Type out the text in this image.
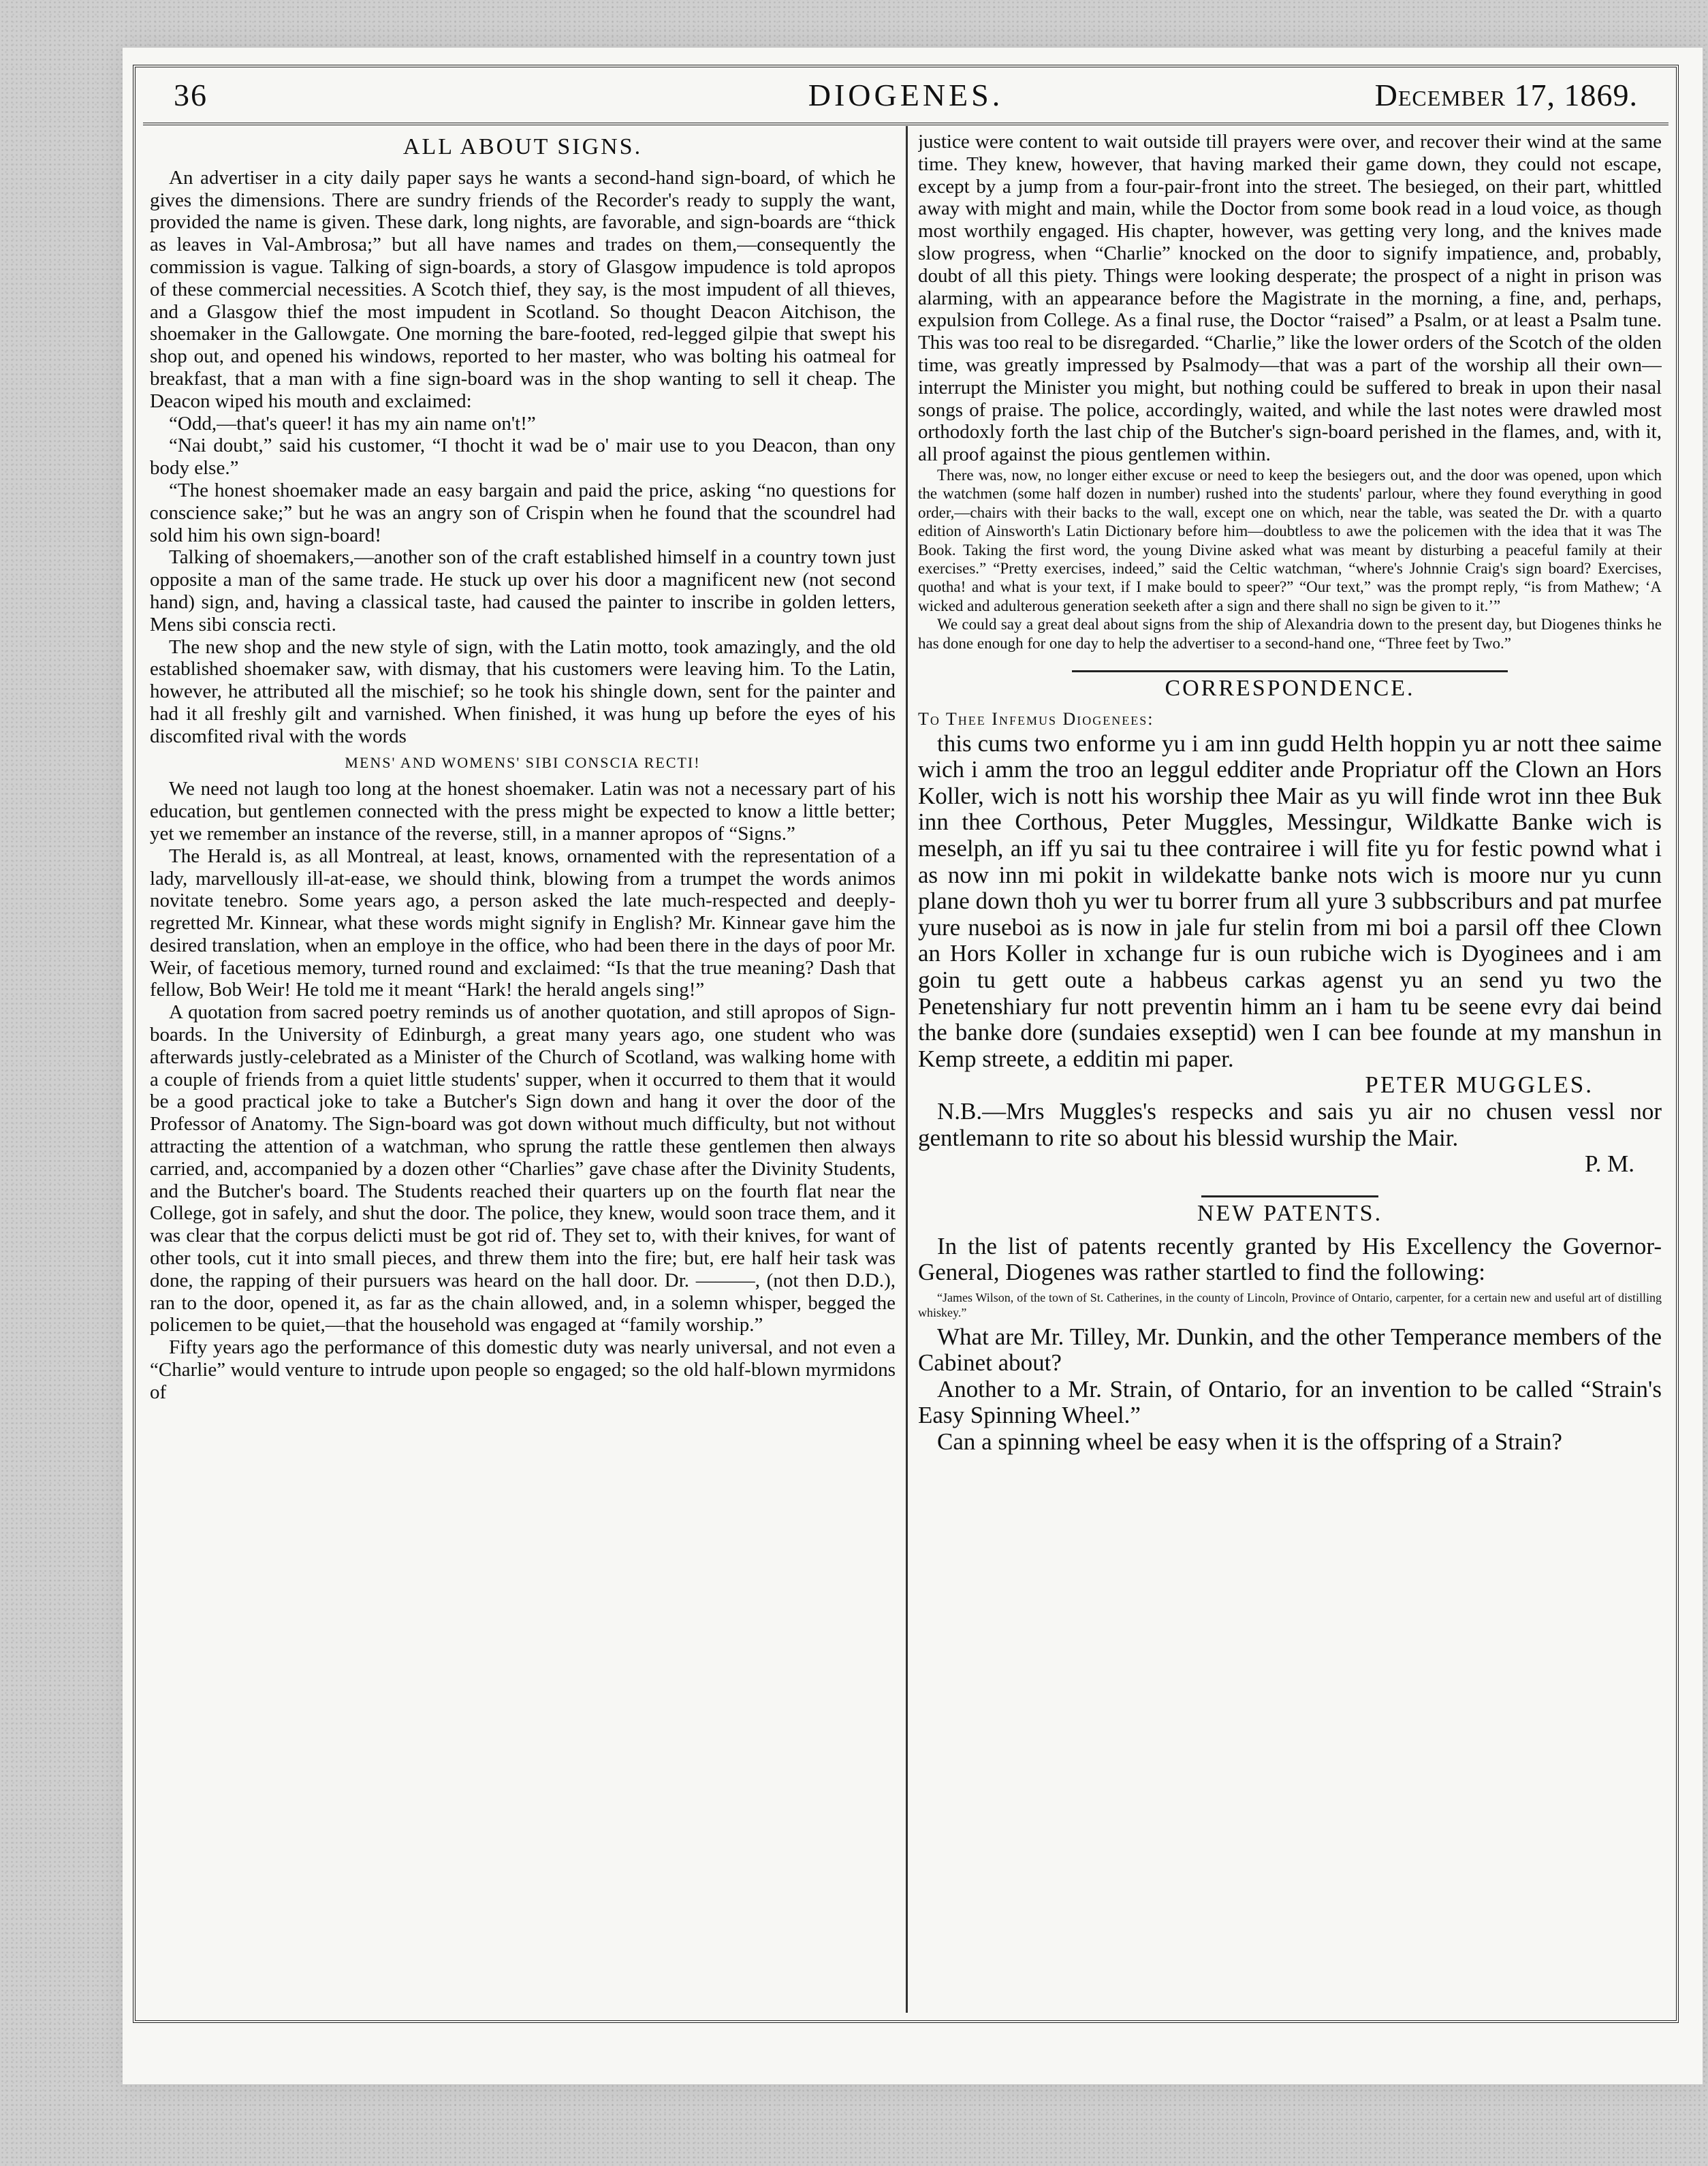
36	DIOGENES.	December 17, 1869.
ALL ABOUT SIGNS.

An advertiser in a city daily paper says he wants a second-hand sign-board, of which he gives the dimensions. There are sundry friends of the Recorder's ready to supply the want, provided the name is given. These dark, long nights, are favorable, and sign-boards are “thick as leaves in Val-Ambrosa;” but all have names and trades on them,—consequently the commission is vague. Talking of sign-boards, a story of Glasgow impudence is told apropos of these commercial necessities. A Scotch thief, they say, is the most impudent of all thieves, and a Glasgow thief the most impudent in Scotland. So thought Deacon Aitchison, the shoemaker in the Gallowgate. One morning the bare-footed, red-legged gilpie that swept his shop out, and opened his windows, reported to her master, who was bolting his oatmeal for breakfast, that a man with a fine sign-board was in the shop wanting to sell it cheap. The Deacon wiped his mouth and exclaimed:

“Odd,—that's queer! it has my ain name on't!”

“Nai doubt,” said his customer, “I thocht it wad be o' mair use to you Deacon, than ony body else.”

“The honest shoemaker made an easy bargain and paid the price, asking “no questions for conscience sake;” but he was an angry son of Crispin when he found that the scoundrel had sold him his own sign-board!

Talking of shoemakers,—another son of the craft established himself in a country town just opposite a man of the same trade. He stuck up over his door a magnificent new (not second hand) sign, and, having a classical taste, had caused the painter to inscribe in golden letters, Mens sibi conscia recti.

The new shop and the new style of sign, with the Latin motto, took amazingly, and the old established shoemaker saw, with dismay, that his customers were leaving him. To the Latin, however, he attributed all the mischief; so he took his shingle down, sent for the painter and had it all freshly gilt and varnished. When finished, it was hung up before the eyes of his discomfited rival with the words

MENS' AND WOMENS' SIBI CONSCIA RECTI!

We need not laugh too long at the honest shoemaker. Latin was not a necessary part of his education, but gentlemen connected with the press might be expected to know a little better; yet we remember an instance of the reverse, still, in a manner apropos of “Signs.”

The Herald is, as all Montreal, at least, knows, ornamented with the representation of a lady, marvellously ill-at-ease, we should think, blowing from a trumpet the words animos novitate tenebro. Some years ago, a person asked the late much-respected and deeply-regretted Mr. Kinnear, what these words might signify in English? Mr. Kinnear gave him the desired translation, when an employe in the office, who had been there in the days of poor Mr. Weir, of facetious memory, turned round and exclaimed: “Is that the true meaning? Dash that fellow, Bob Weir! He told me it meant “Hark! the herald angels sing!”

A quotation from sacred poetry reminds us of another quotation, and still apropos of Sign-boards. In the University of Edinburgh, a great many years ago, one student who was afterwards justly-celebrated as a Minister of the Church of Scotland, was walking home with a couple of friends from a quiet little students' supper, when it occurred to them that it would be a good practical joke to take a Butcher's Sign down and hang it over the door of the Professor of Anatomy. The Sign-board was got down without much difficulty, but not without attracting the attention of a watchman, who sprung the rattle these gentlemen then always carried, and, accompanied by a dozen other “Charlies” gave chase after the Divinity Students, and the Butcher's board. The Students reached their quarters up on the fourth flat near the College, got in safely, and shut the door. The police, they knew, would soon trace them, and it was clear that the corpus delicti must be got rid of. They set to, with their knives, for want of other tools, cut it into small pieces, and threw them into the fire; but, ere half heir task was done, the rapping of their pursuers was heard on the hall door. Dr. ———, (not then D.D.), ran to the door, opened it, as far as the chain allowed, and, in a solemn whisper, begged the policemen to be quiet,—that the household was engaged at “family worship.”

Fifty years ago the performance of this domestic duty was nearly universal, and not even a “Charlie” would venture to intrude upon people so engaged; so the old half-blown myrmidons of

justice were content to wait outside till prayers were over, and recover their wind at the same time. They knew, however, that having marked their game down, they could not escape, except by a jump from a four-pair-front into the street. The besieged, on their part, whittled away with might and main, while the Doctor from some book read in a loud voice, as though most worthily engaged. His chapter, however, was getting very long, and the knives made slow progress, when “Charlie” knocked on the door to signify impatience, and, probably, doubt of all this piety. Things were looking desperate; the prospect of a night in prison was alarming, with an appearance before the Magistrate in the morning, a fine, and, perhaps, expulsion from College. As a final ruse, the Doctor “raised” a Psalm, or at least a Psalm tune. This was too real to be disregarded. “Charlie,” like the lower orders of the Scotch of the olden time, was greatly impressed by Psalmody—that was a part of the worship all their own—interrupt the Minister you might, but nothing could be suffered to break in upon their nasal songs of praise. The police, accordingly, waited, and while the last notes were drawled most orthodoxly forth the last chip of the Butcher's sign-board perished in the flames, and, with it, all proof against the pious gentlemen within.

There was, now, no longer either excuse or need to keep the besiegers out, and the door was opened, upon which the watchmen (some half dozen in number) rushed into the students' parlour, where they found everything in good order,—chairs with their backs to the wall, except one on which, near the table, was seated the Dr. with a quarto edition of Ainsworth's Latin Dictionary before him—doubtless to awe the policemen with the idea that it was The Book. Taking the first word, the young Divine asked what was meant by disturbing a peaceful family at their exercises.” “Pretty exercises, indeed,” said the Celtic watchman, “where's Johnnie Craig's sign board? Exercises, quotha! and what is your text, if I make bould to speer?” “Our text,” was the prompt reply, “is from Mathew; ‘A wicked and adulterous generation seeketh after a sign and there shall no sign be given to it.’”

We could say a great deal about signs from the ship of Alexandria down to the present day, but Diogenes thinks he has done enough for one day to help the advertiser to a second-hand one, “Three feet by Two.”

CORRESPONDENCE.

To Thee Infemus Diogenees:

this cums two enforme yu i am inn gudd Helth hoppin yu ar nott thee saime wich i amm the troo an leggul edditer ande Propriatur off the Clown an Hors Koller, wich is nott his worship thee Mair as yu will finde wrot inn thee Buk inn thee Corthous, Peter Muggles, Messingur, Wildkatte Banke wich is meselph, an iff yu sai tu thee contrairee i will fite yu for festic pownd what i as now inn mi pokit in wildekatte banke nots wich is moore nur yu cunn plane down thoh yu wer tu borrer frum all yure 3 subbscriburs and pat murfee yure nuseboi as is now in jale fur stelin from mi boi a parsil off thee Clown an Hors Koller in xchange fur is oun rubiche wich is Dyoginees and i am goin tu gett oute a habbeus carkas agenst yu an send yu two the Penetenshiary fur nott preventin himm an i ham tu be seene evry dai beind the banke dore (sundaies exseptid) wen I can bee founde at my manshun in Kemp streete, a edditin mi paper.

PETER MUGGLES.

N.B.—Mrs Muggles's respecks and sais yu air no chusen vessl nor gentlemann to rite so about his blessid wurship the Mair.

P. M.

NEW PATENTS.

In the list of patents recently granted by His Excellency the Governor-General, Diogenes was rather startled to find the following:

“James Wilson, of the town of St. Catherines, in the county of Lincoln, Province of Ontario, carpenter, for a certain new and useful art of distilling whiskey.”

What are Mr. Tilley, Mr. Dunkin, and the other Temperance members of the Cabinet about?

Another to a Mr. Strain, of Ontario, for an invention to be called “Strain's Easy Spinning Wheel.”

Can a spinning wheel be easy when it is the offspring of a Strain?
